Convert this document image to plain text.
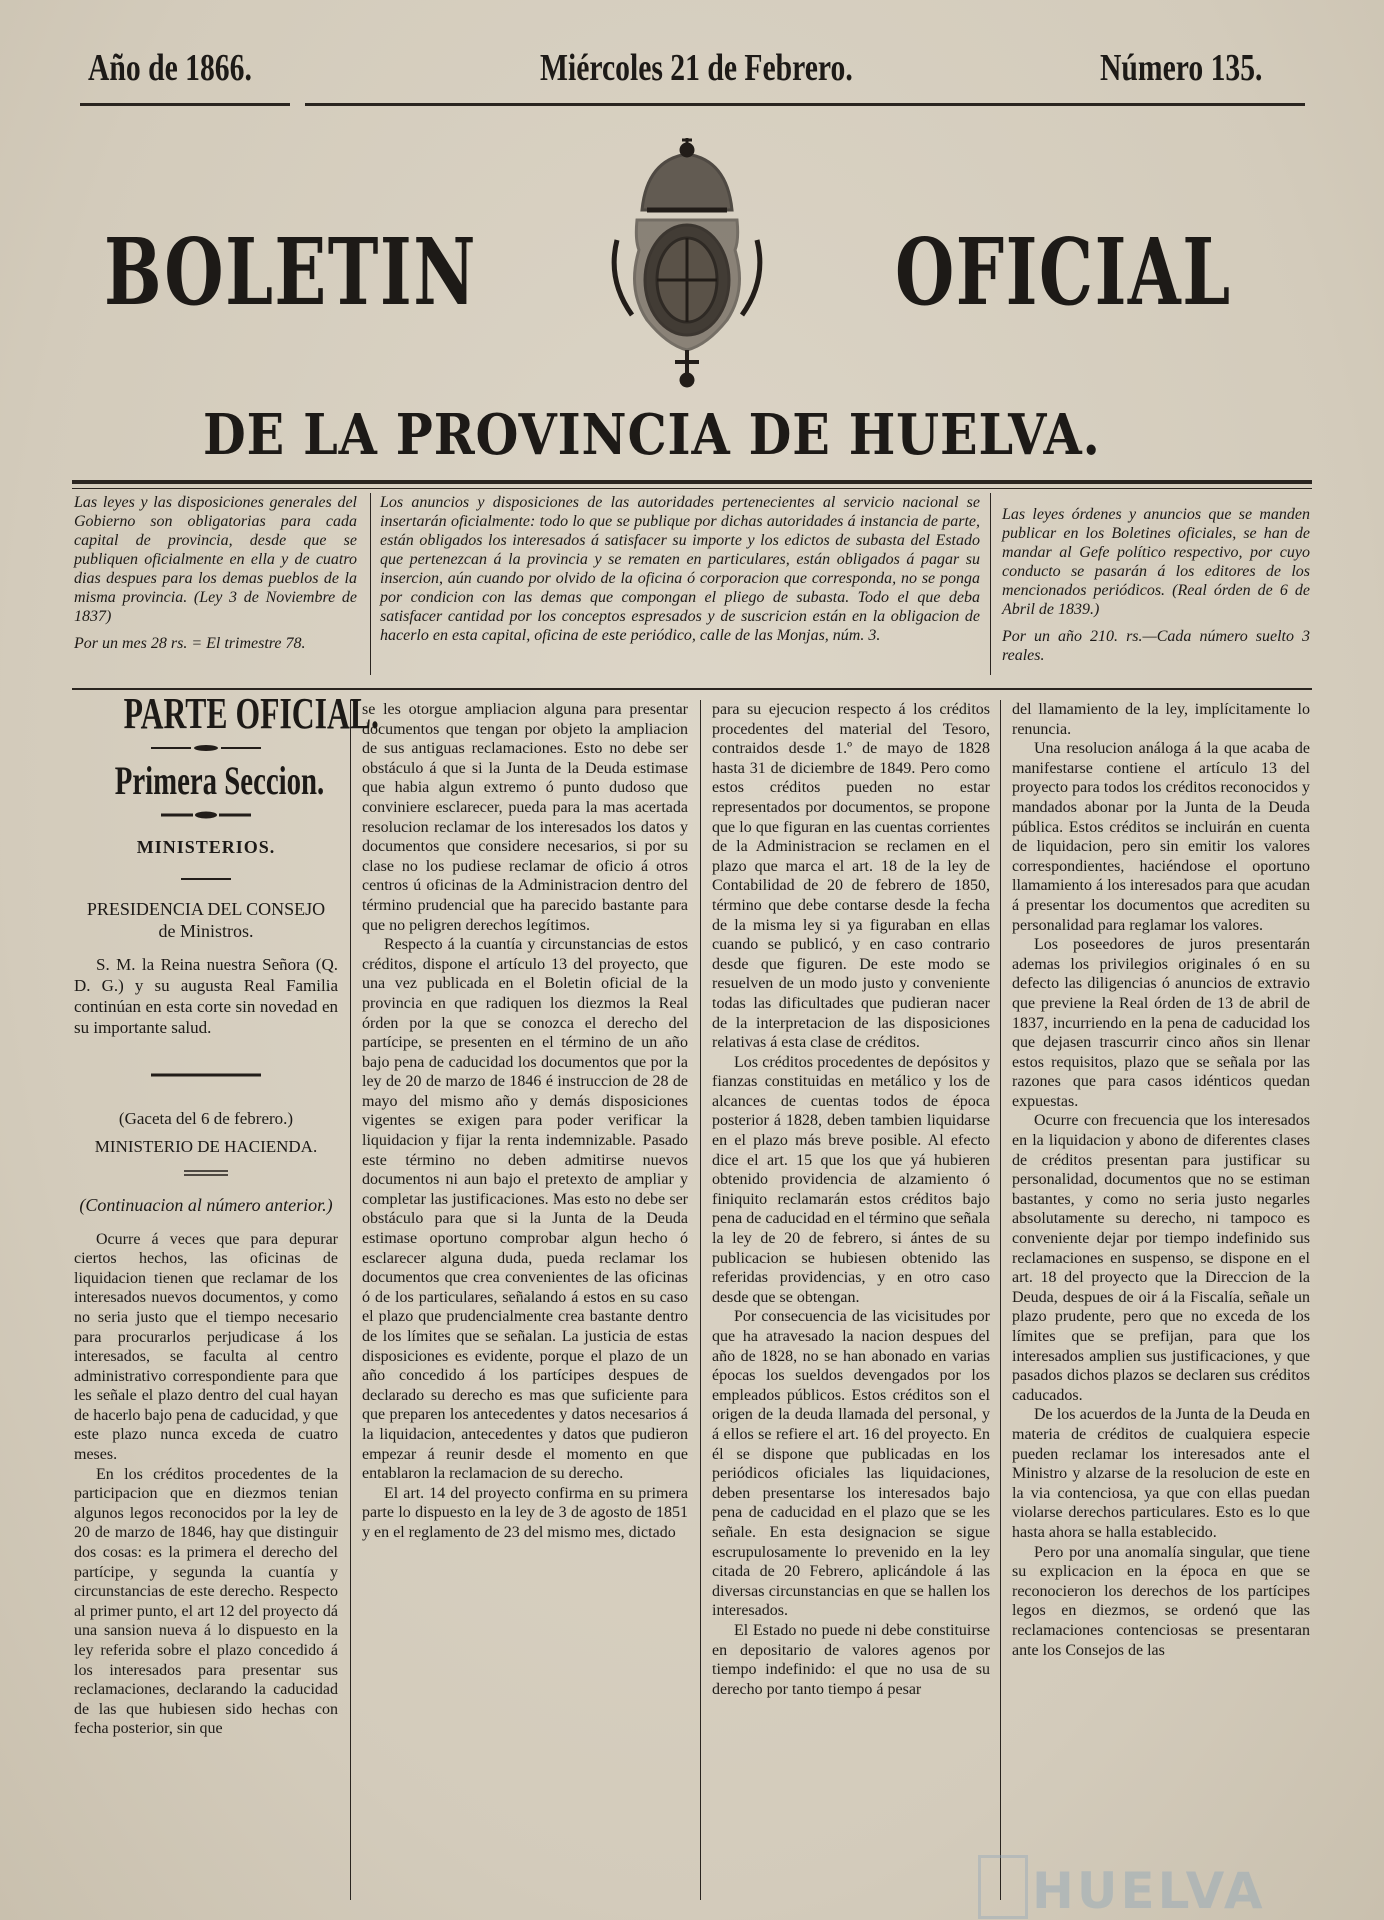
Año de 1866.	Miércoles 21 de Febrero.	Número 135.
BOLETIN	OFICIAL
DE LA PROVINCIA DE HUELVA.
Las leyes y las disposiciones generales del Gobierno son obligatorias para cada capital de provincia, desde que se publiquen oficialmente en ella y de cuatro dias despues para los demas pueblos de la misma provincia. (Ley 3 de Noviembre de 1837)
Por un mes 28 rs. = El trimestre 78.
Los anuncios y disposiciones de las autoridades pertenecientes al servicio nacional se insertarán oficialmente: todo lo que se publique por dichas autoridades á instancia de parte, están obligados los interesados á satisfacer su importe y los edictos de subasta del Estado que pertenezcan á la provincia y se rematen en particulares, están obligados á pagar su insercion, aún cuando por olvido de la oficina ó corporacion que corresponda, no se ponga por condicion con las demas que compongan el pliego de subasta. Todo el que deba satisfacer cantidad por los conceptos espresados y de suscricion están en la obligacion de hacerlo en esta capital, oficina de este periódico, calle de las Monjas, núm. 3.
Las leyes órdenes y anuncios que se manden publicar en los Boletines oficiales, se han de mandar al Gefe político respectivo, por cuyo conducto se pasarán á los editores de los mencionados periódicos. (Real órden de 6 de Abril de 1839.)
Por un año 210. rs.—Cada número suelto 3 reales.
PARTE OFICIAL.
Primera Seccion.
MINISTERIOS.
PRESIDENCIA DEL CONSEJO de Ministros.

S. M. la Reina nuestra Señora (Q. D. G.) y su augusta Real Familia continúan en esta corte sin novedad en su importante salud.

(Gaceta del 6 de febrero.)
MINISTERIO DE HACIENDA.
(Continuacion al número anterior.)

Ocurre á veces que para depurar ciertos hechos, las oficinas de liquidacion tienen que reclamar de los interesados nuevos documentos, y como no seria justo que el tiempo necesario para procurarlos perjudicase á los interesados, se faculta al centro administrativo correspondiente para que les señale el plazo dentro del cual hayan de hacerlo bajo pena de caducidad, y que este plazo nunca exceda de cuatro meses.

En los créditos procedentes de la participacion que en diezmos tenian algunos legos reconocidos por la ley de 20 de marzo de 1846, hay que distinguir dos cosas: es la primera el derecho del partícipe, y segunda la cuantía y circunstancias de este derecho. Respecto al primer punto, el art 12 del proyecto dá una sansion nueva á lo dispuesto en la ley referida sobre el plazo concedido á los interesados para presentar sus reclamaciones, declarando la caducidad de las que hubiesen sido hechas con fecha posterior, sin que

se les otorgue ampliacion alguna para presentar documentos que tengan por objeto la ampliacion de sus antiguas reclamaciones. Esto no debe ser obstáculo á que si la Junta de la Deuda estimase que habia algun extremo ó punto dudoso que conviniere esclarecer, pueda para la mas acertada resolucion reclamar de los interesados los datos y documentos que considere necesarios, si por su clase no los pudiese reclamar de oficio á otros centros ú oficinas de la Administracion dentro del término prudencial que ha parecido bastante para que no peligren derechos legítimos.

Respecto á la cuantía y circunstancias de estos créditos, dispone el artículo 13 del proyecto, que una vez publicada en el Boletin oficial de la provincia en que radiquen los diezmos la Real órden por la que se conozca el derecho del partícipe, se presenten en el término de un año bajo pena de caducidad los documentos que por la ley de 20 de marzo de 1846 é instruccion de 28 de mayo del mismo año y demás disposiciones vigentes se exigen para poder verificar la liquidacion y fijar la renta indemnizable. Pasado este término no deben admitirse nuevos documentos ni aun bajo el pretexto de ampliar y completar las justificaciones. Mas esto no debe ser obstáculo para que si la Junta de la Deuda estimase oportuno comprobar algun hecho ó esclarecer alguna duda, pueda reclamar los documentos que crea convenientes de las oficinas ó de los particulares, señalando á estos en su caso el plazo que prudencialmente crea bastante dentro de los límites que se señalan. La justicia de estas disposiciones es evidente, porque el plazo de un año concedido á los partícipes despues de declarado su derecho es mas que suficiente para que preparen los antecedentes y datos necesarios á la liquidacion, antecedentes y datos que pudieron empezar á reunir desde el momento en que entablaron la reclamacion de su derecho.

El art. 14 del proyecto confirma en su primera parte lo dispuesto en la ley de 3 de agosto de 1851 y en el reglamento de 23 del mismo mes, dictado

para su ejecucion respecto á los créditos procedentes del material del Tesoro, contraidos desde 1.º de mayo de 1828 hasta 31 de diciembre de 1849. Pero como estos créditos pueden no estar representados por documentos, se propone que lo que figuran en las cuentas corrientes de la Administracion se reclamen en el plazo que marca el art. 18 de la ley de Contabilidad de 20 de febrero de 1850, término que debe contarse desde la fecha de la misma ley si ya figuraban en ellas cuando se publicó, y en caso contrario desde que figuren. De este modo se resuelven de un modo justo y conveniente todas las dificultades que pudieran nacer de la interpretacion de las disposiciones relativas á esta clase de créditos.

Los créditos procedentes de depósitos y fianzas constituidas en metálico y los de alcances de cuentas todos de época posterior á 1828, deben tambien liquidarse en el plazo más breve posible. Al efecto dice el art. 15 que los que yá hubieren obtenido providencia de alzamiento ó finiquito reclamarán estos créditos bajo pena de caducidad en el término que señala la ley de 20 de febrero, si ántes de su publicacion se hubiesen obtenido las referidas providencias, y en otro caso desde que se obtengan.

Por consecuencia de las vicisitudes por que ha atravesado la nacion despues del año de 1828, no se han abonado en varias épocas los sueldos devengados por los empleados públicos. Estos créditos son el origen de la deuda llamada del personal, y á ellos se refiere el art. 16 del proyecto. En él se dispone que publicadas en los periódicos oficiales las liquidaciones, deben presentarse los interesados bajo pena de caducidad en el plazo que se les señale. En esta designacion se sigue escrupulosamente lo prevenido en la ley citada de 20 Febrero, aplicándole á las diversas circunstancias en que se hallen los interesados.

El Estado no puede ni debe constituirse en depositario de valores agenos por tiempo indefinido: el que no usa de su derecho por tanto tiempo á pesar

del llamamiento de la ley, implícitamente lo renuncia.

Una resolucion análoga á la que acaba de manifestarse contiene el artículo 13 del proyecto para todos los créditos reconocidos y mandados abonar por la Junta de la Deuda pública. Estos créditos se incluirán en cuenta de liquidacion, pero sin emitir los valores correspondientes, haciéndose el oportuno llamamiento á los interesados para que acudan á presentar los documentos que acrediten su personalidad para reglamar los valores.

Los poseedores de juros presentarán ademas los privilegios originales ó en su defecto las diligencias ó anuncios de extravio que previene la Real órden de 13 de abril de 1837, incurriendo en la pena de caducidad los que dejasen trascurrir cinco años sin llenar estos requisitos, plazo que se señala por las razones que para casos idénticos quedan expuestas.

Ocurre con frecuencia que los interesados en la liquidacion y abono de diferentes clases de créditos presentan para justificar su personalidad, documentos que no se estiman bastantes, y como no seria justo negarles absolutamente su derecho, ni tampoco es conveniente dejar por tiempo indefinido sus reclamaciones en suspenso, se dispone en el art. 18 del proyecto que la Direccion de la Deuda, despues de oir á la Fiscalía, señale un plazo prudente, pero que no exceda de los límites que se prefijan, para que los interesados amplien sus justificaciones, y que pasados dichos plazos se declaren sus créditos caducados.

De los acuerdos de la Junta de la Deuda en materia de créditos de cualquiera especie pueden reclamar los interesados ante el Ministro y alzarse de la resolucion de este en la via contenciosa, ya que con ellas puedan violarse derechos particulares. Esto es lo que hasta ahora se halla establecido.

Pero por una anomalía singular, que tiene su explicacion en la época en que se reconocieron los derechos de los partícipes legos en diezmos, se ordenó que las reclamaciones contenciosas se presentaran ante los Consejos de las

HUELVA
